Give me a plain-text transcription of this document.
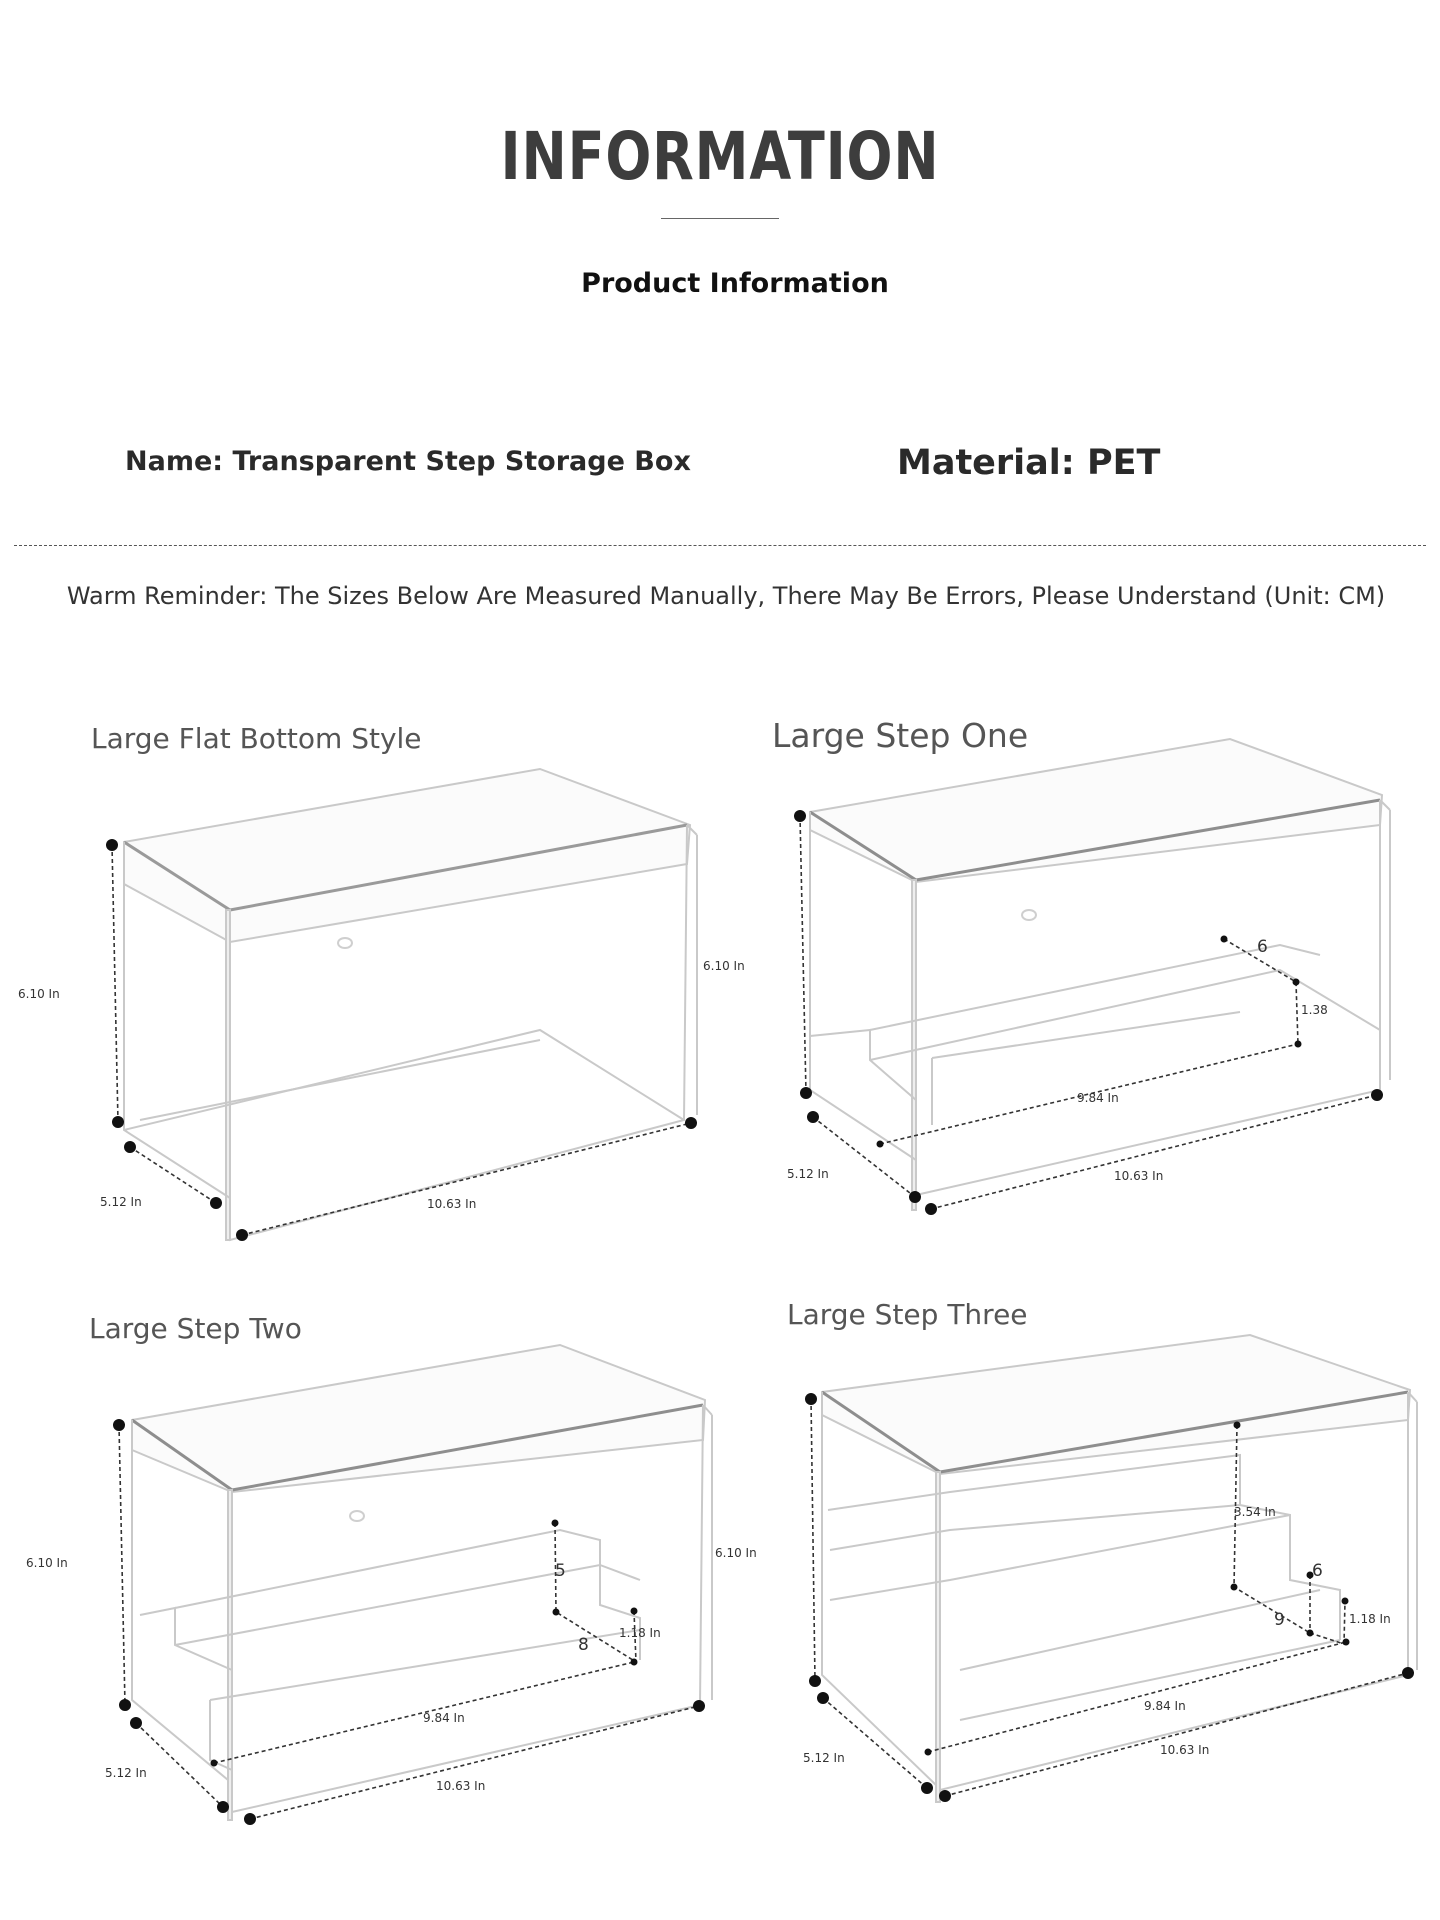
INFORMATION
Product Information
Name: Transparent Step Storage Box	Material: PET
Warm Reminder: The Sizes Below Are Measured Manually, There May Be Errors, Please Understand (Unit: CM)
Large Flat Bottom Style
6.10 In
6.10 In
5.12 In	10.63 In
Large Step One
6
1.38
9.84 In
5.12 In	10.63 In
Large Step Two
6.10 In
6.10 In
5
8
1.18 In
9.84 In
5.12 In
10.63 In
Large Step Three
3.54 In
6
9	1.18 In
9.84 In
5.12 In
10.63 In
